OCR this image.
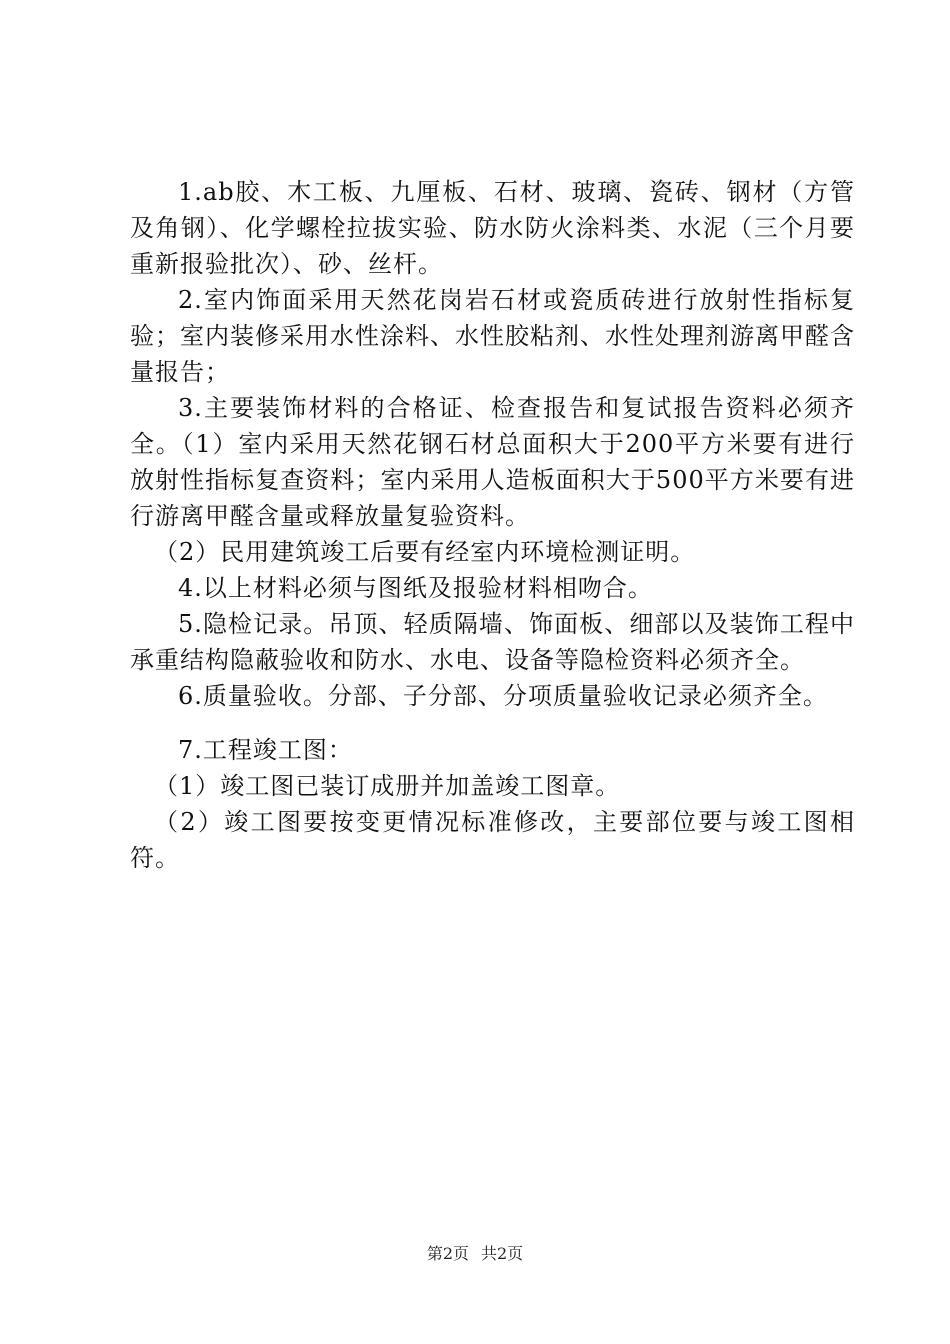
1.ab胶、木工板、九厘板、石材、玻璃、瓷砖、钢材（方管及角钢）、化学螺栓拉拔实验、防水防火涂料类、水泥（三个月要重新报验批次）、砂、丝杆。

2.室内饰面采用天然花岗岩石材或瓷质砖进行放射性指标复验；室内装修采用水性涂料、水性胶粘剂、水性处理剂游离甲醛含量报告；

3.主要装饰材料的合格证、检查报告和复试报告资料必须齐全。（1）室内采用天然花钢石材总面积大于200平方米要有进行放射性指标复查资料；室内采用人造板面积大于500平方米要有进行游离甲醛含量或释放量复验资料。

（2）民用建筑竣工后要有经室内环境检测证明。

4.以上材料必须与图纸及报验材料相吻合。

5.隐检记录。吊顶、轻质隔墙、饰面板、细部以及装饰工程中承重结构隐蔽验收和防水、水电、设备等隐检资料必须齐全。

6.质量验收。分部、子分部、分项质量验收记录必须齐全。

7.工程竣工图：

（1）竣工图已装订成册并加盖竣工图章。

（2）竣工图要按变更情况标准修改，主要部位要与竣工图相符。

第2页 共2页
